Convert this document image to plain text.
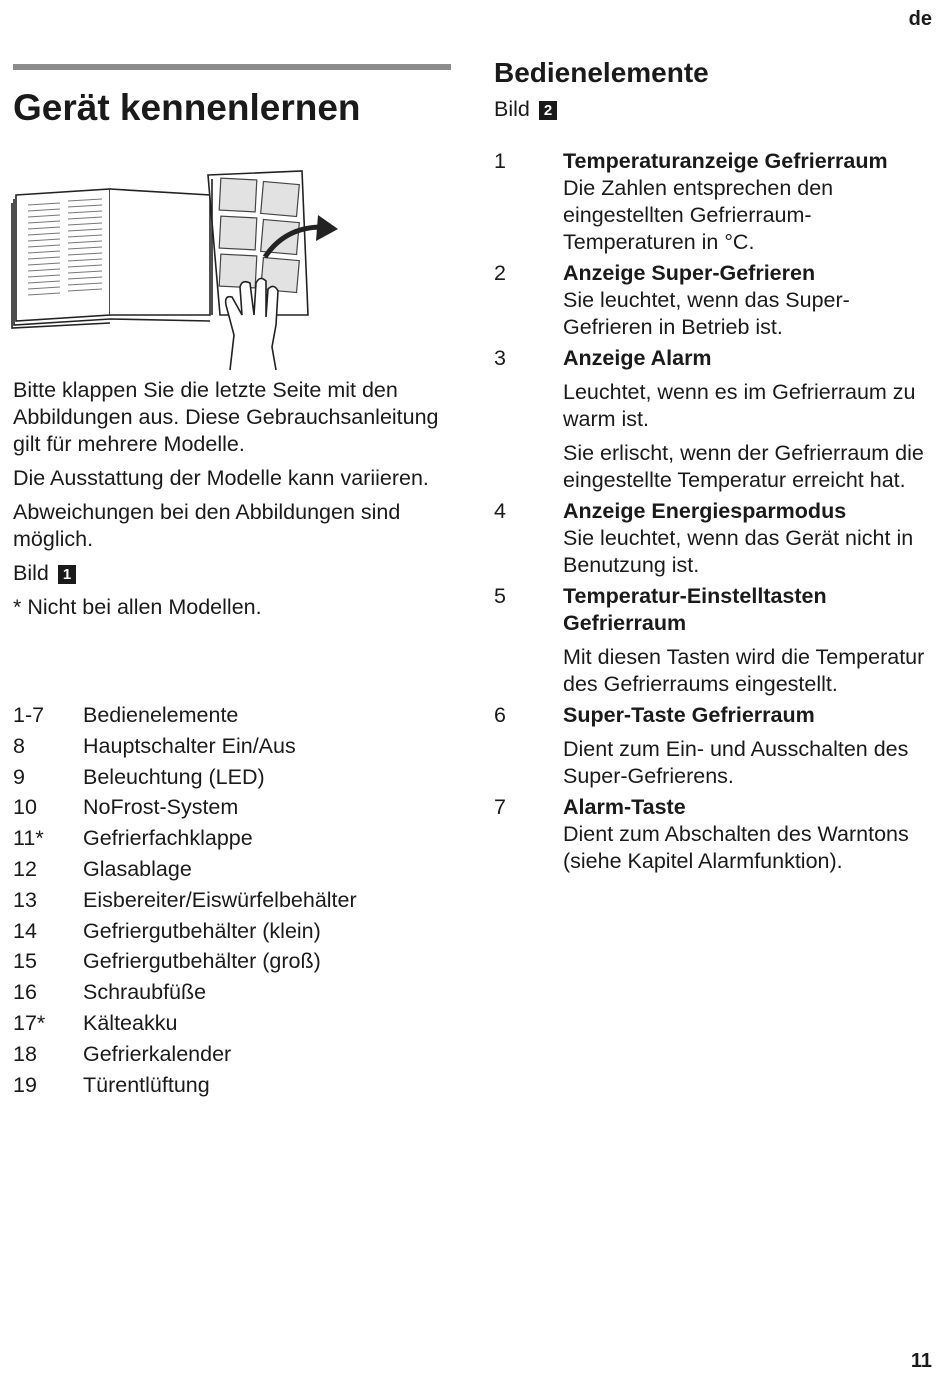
de
Gerät kennenlernen

Bitte klappen Sie die letzte Seite mit den Abbildungen aus. Diese Gebrauchsanleitung gilt für mehrere Modelle.

Die Ausstattung der Modelle kann variieren.

Abweichungen bei den Abbildungen sind möglich.

Bild 1

* Nicht bei allen Modellen.

1-7	Bedienelemente
8	Hauptschalter Ein/Aus
9	Beleuchtung (LED)
10	NoFrost-System
11*	Gefrierfachklappe
12	Glasablage
13	Eisbereiter/Eiswürfelbehälter
14	Gefriergutbehälter (klein)
15	Gefriergutbehälter (groß)
16	Schraubfüße
17*	Kälteakku
18	Gefrierkalender
19	Türentlüftung
Bedienelemente
Bild 2
1	Temperaturanzeige Gefrierraum

Die Zahlen entsprechen den eingestellten Gefrierraum-Temperaturen in °C.

2	Anzeige Super-Gefrieren

Sie leuchtet, wenn das Super-Gefrieren in Betrieb ist.

3	Anzeige Alarm

Leuchtet, wenn es im Gefrierraum zu warm ist.

Sie erlischt, wenn der Gefrierraum die eingestellte Temperatur erreicht hat.

4	Anzeige Energiesparmodus

Sie leuchtet, wenn das Gerät nicht in Benutzung ist.

5	Temperatur-Einstelltasten Gefrierraum

Mit diesen Tasten wird die Temperatur des Gefrierraums eingestellt.

6	Super-Taste Gefrierraum

Dient zum Ein- und Ausschalten des Super-Gefrierens.

7	Alarm-Taste

Dient zum Abschalten des Warntons (siehe Kapitel Alarmfunktion).

11
